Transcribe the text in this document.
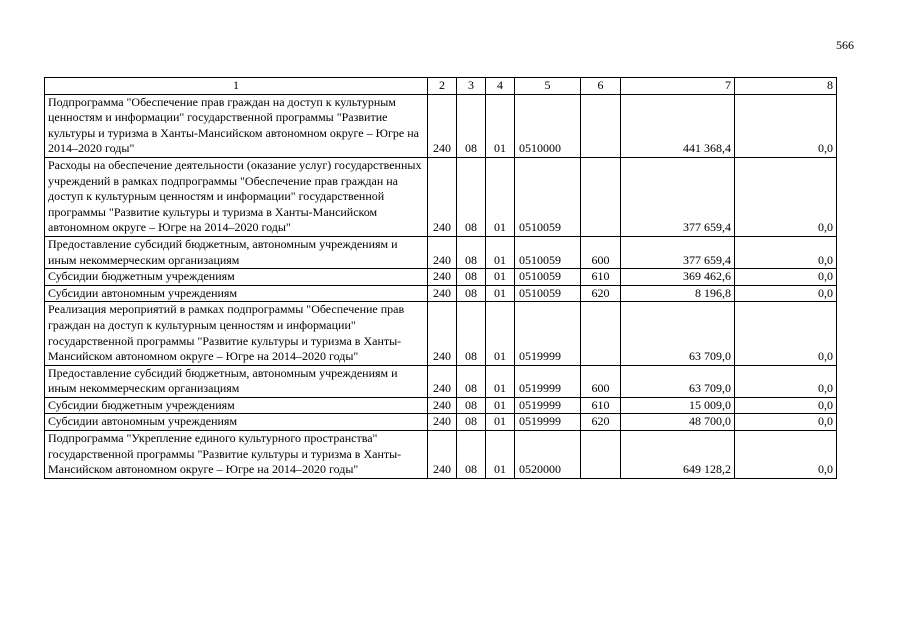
566
1	2	3	4	5	6	7	8
Подпрограмма "Обеспечение прав граждан на доступ к культурным ценностям и информации" государственной программы "Развитие культуры и туризма в Ханты-Мансийском автономном округе – Югре на 2014–2020 годы"	240	08	01	0510000		441 368,4	0,0
Расходы на обеспечение деятельности (оказание услуг) государственных учреждений в рамках подпрограммы "Обеспечение прав граждан на доступ к культурным ценностям и информации" государственной программы "Развитие культуры и туризма в Ханты-Мансийском автономном округе – Югре на 2014–2020 годы"	240	08	01	0510059		377 659,4	0,0
Предоставление субсидий бюджетным, автономным учреждениям и иным некоммерческим организациям	240	08	01	0510059	600	377 659,4	0,0
Субсидии бюджетным учреждениям	240	08	01	0510059	610	369 462,6	0,0
Субсидии автономным учреждениям	240	08	01	0510059	620	8 196,8	0,0
Реализация мероприятий в рамках подпрограммы "Обеспечение прав граждан на доступ к культурным ценностям и информации" государственной программы "Развитие культуры и туризма в Ханты-Мансийском автономном округе – Югре на 2014–2020 годы"	240	08	01	0519999		63 709,0	0,0
Предоставление субсидий бюджетным, автономным учреждениям и иным некоммерческим организациям	240	08	01	0519999	600	63 709,0	0,0
Субсидии бюджетным учреждениям	240	08	01	0519999	610	15 009,0	0,0
Субсидии автономным учреждениям	240	08	01	0519999	620	48 700,0	0,0
Подпрограмма "Укрепление единого культурного пространства" государственной программы "Развитие культуры и туризма в Ханты-Мансийском автономном округе – Югре на 2014–2020 годы"	240	08	01	0520000		649 128,2	0,0
